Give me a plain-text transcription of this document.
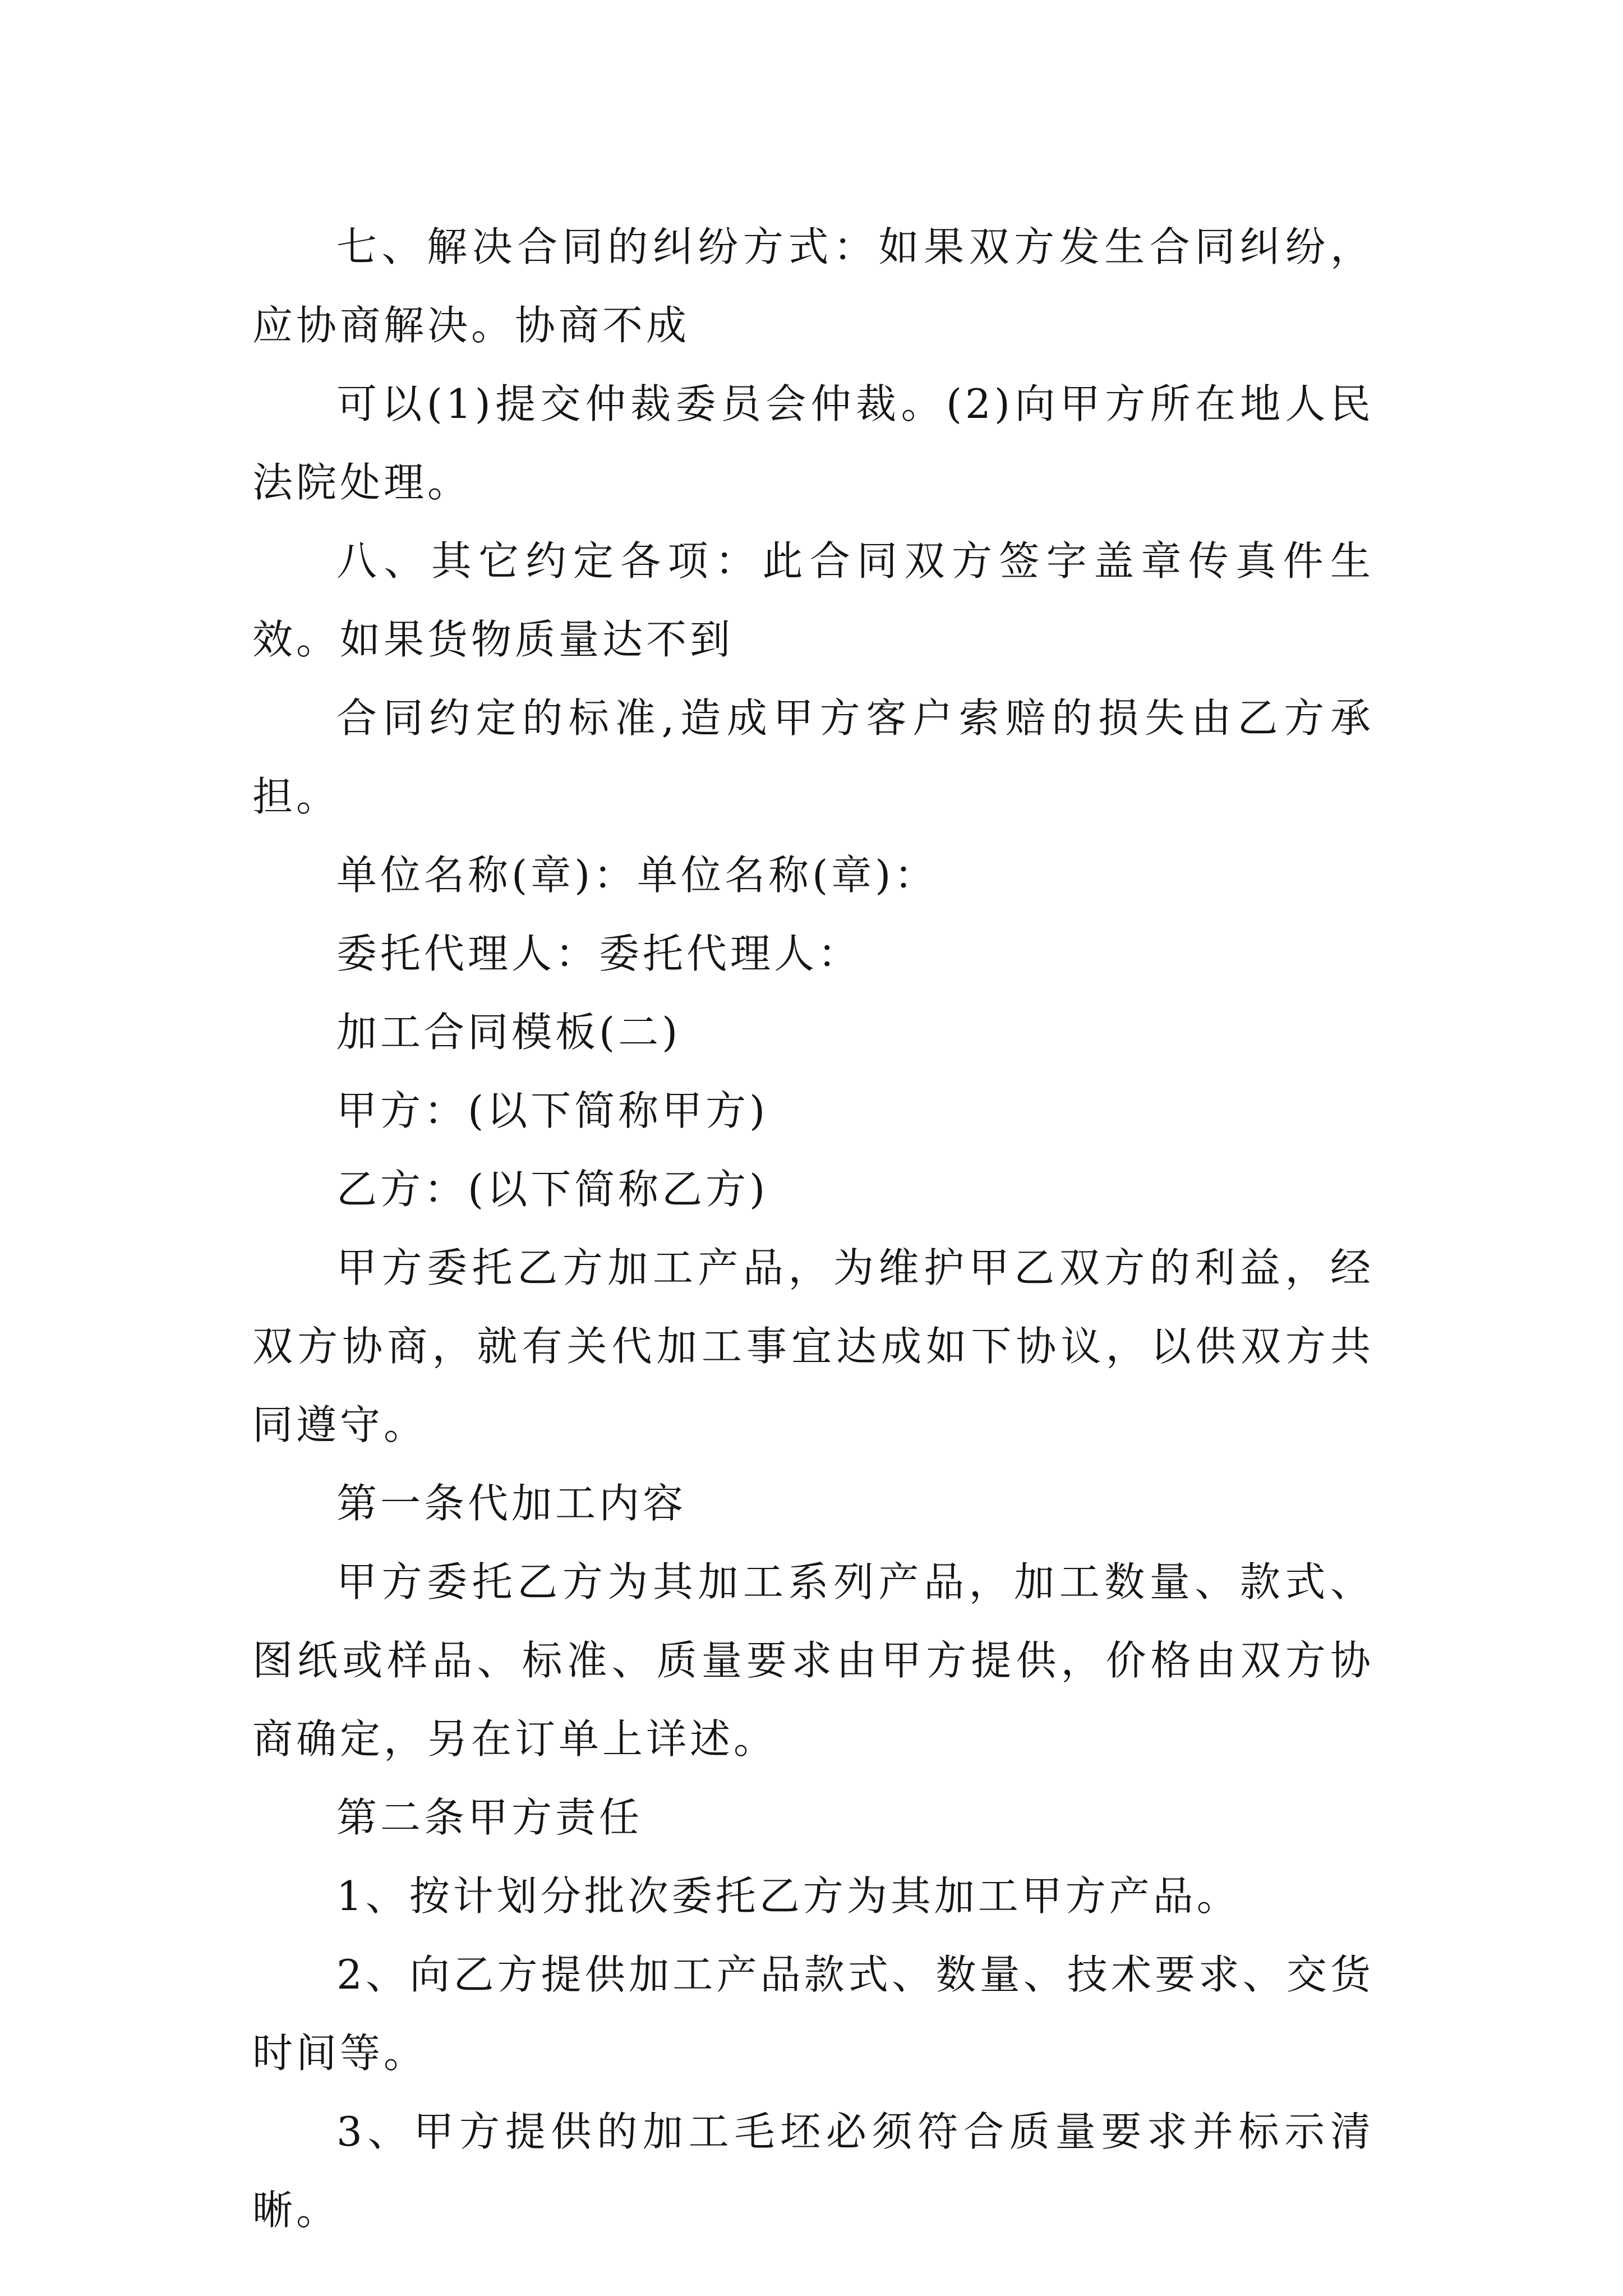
七、解决合同的纠纷方式：如果双方发生合同纠纷，应协商解决。协商不成

可以(1)提交仲裁委员会仲裁。(2)向甲方所在地人民法院处理。

八、其它约定各项：此合同双方签字盖章传真件生效。如果货物质量达不到

合同约定的标准,造成甲方客户索赔的损失由乙方承担。

单位名称(章)：单位名称(章)：

委托代理人：委托代理人：

加工合同模板(二)

甲方：(以下简称甲方)

乙方：(以下简称乙方)

甲方委托乙方加工产品，为维护甲乙双方的利益，经双方协商，就有关代加工事宜达成如下协议，以供双方共同遵守。

第一条代加工内容

甲方委托乙方为其加工系列产品，加工数量、款式、图纸或样品、标准、质量要求由甲方提供，价格由双方协商确定，另在订单上详述。

第二条甲方责任

1、按计划分批次委托乙方为其加工甲方产品。

2、向乙方提供加工产品款式、数量、技术要求、交货时间等。

3、甲方提供的加工毛坯必须符合质量要求并标示清晰。
